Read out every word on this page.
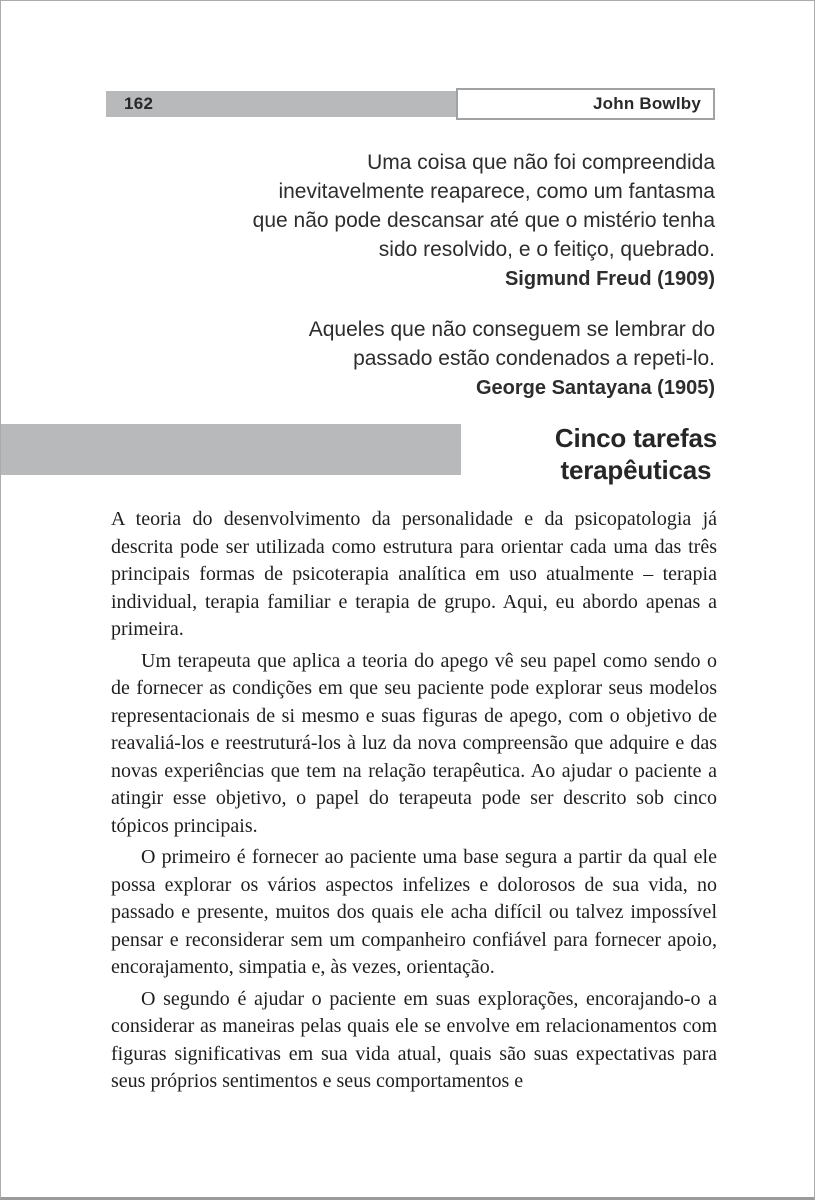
162	John Bowlby
Uma coisa que não foi compreendida inevitavelmente reaparece, como um fantasma que não pode descansar até que o mistério tenha sido resolvido, e o feitiço, quebrado.
Sigmund Freud (1909)
Aqueles que não conseguem se lembrar do passado estão condenados a repeti-lo.
George Santayana (1905)
Cinco tarefas
terapêuticas

A teoria do desenvolvimento da personalidade e da psicopatologia já descrita pode ser utilizada como estrutura para orientar cada uma das três principais formas de psicoterapia analítica em uso atualmente – terapia individual, terapia familiar e terapia de grupo. Aqui, eu abordo apenas a primeira.

Um terapeuta que aplica a teoria do apego vê seu papel como sendo o de fornecer as condições em que seu paciente pode explorar seus modelos representacionais de si mesmo e suas figuras de apego, com o objetivo de reavaliá-los e reestruturá-los à luz da nova compreensão que adquire e das novas experiências que tem na relação terapêutica. Ao ajudar o paciente a atingir esse objetivo, o papel do terapeuta pode ser descrito sob cinco tópicos principais.

O primeiro é fornecer ao paciente uma base segura a partir da qual ele possa explorar os vários aspectos infelizes e dolorosos de sua vida, no passado e presente, muitos dos quais ele acha difícil ou talvez impossível pensar e reconsiderar sem um companheiro confiável para fornecer apoio, encorajamento, simpatia e, às vezes, orientação.

O segundo é ajudar o paciente em suas explorações, encorajando-o a considerar as maneiras pelas quais ele se envolve em relacionamentos com figuras significativas em sua vida atual, quais são suas expectativas para seus próprios sentimentos e seus comportamentos e
